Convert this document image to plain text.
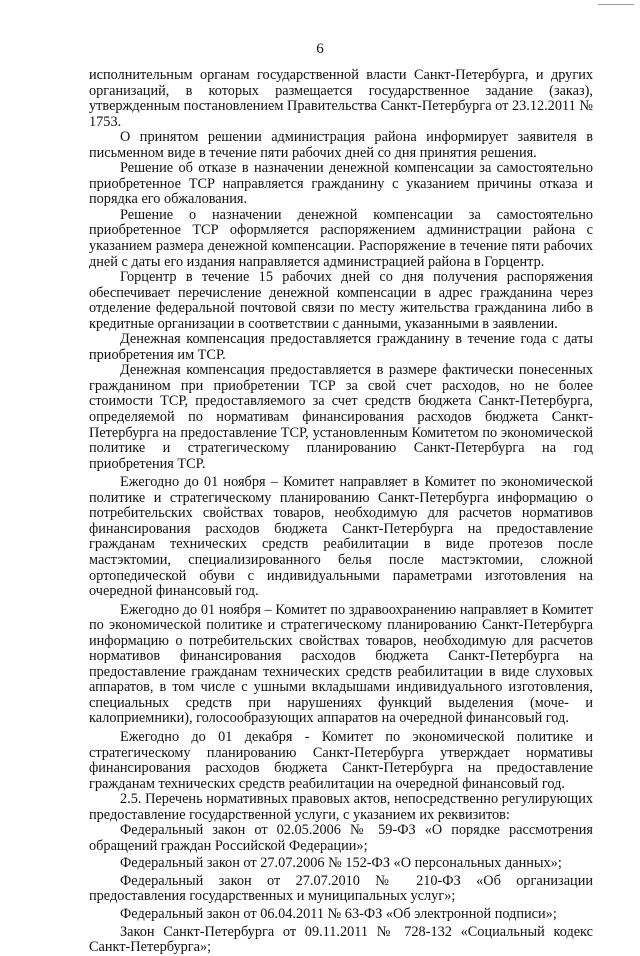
6

исполнительным органам государственной власти Санкт-Петербурга, и других организаций, в которых размещается государственное задание (заказ), утвержденным постановлением Правительства Санкт-Петербурга от 23.12.2011 № 1753.

О принятом решении администрация района информирует заявителя в письменном виде в течение пяти рабочих дней со дня принятия решения.

Решение об отказе в назначении денежной компенсации за самостоятельно приобретенное ТСР направляется гражданину с указанием причины отказа и порядка его обжалования.

Решение о назначении денежной компенсации за самостоятельно приобретенное ТСР оформляется распоряжением администрации района с указанием размера денежной компенсации. Распоряжение в течение пяти рабочих дней с даты его издания направляется администрацией района в Горцентр.

Горцентр в течение 15 рабочих дней со дня получения распоряжения обеспечивает перечисление денежной компенсации в адрес гражданина через отделение федеральной почтовой связи по месту жительства гражданина либо в кредитные организации в соответствии с данными, указанными в заявлении.

Денежная компенсация предоставляется гражданину в течение года с даты приобретения им ТСР.

Денежная компенсация предоставляется в размере фактически понесенных гражданином при приобретении ТСР за свой счет расходов, но не более стоимости ТСР, предоставляемого за счет средств бюджета Санкт-Петербурга, определяемой по нормативам финансирования расходов бюджета Санкт-Петербурга на предоставление ТСР, установленным Комитетом по экономической политике и стратегическому планированию Санкт-Петербурга на год приобретения ТСР.

Ежегодно до 01 ноября – Комитет направляет в Комитет по экономической политике и стратегическому планированию Санкт-Петербурга информацию о потребительских свойствах товаров, необходимую для расчетов нормативов финансирования расходов бюджета Санкт-Петербурга на предоставление гражданам технических средств реабилитации в виде протезов после мастэктомии, специализированного белья после мастэктомии, сложной ортопедической обуви с индивидуальными параметрами изготовления на очередной финансовый год.

Ежегодно до 01 ноября – Комитет по здравоохранению направляет в Комитет по экономической политике и стратегическому планированию Санкт-Петербурга информацию о потребительских свойствах товаров, необходимую для расчетов нормативов финансирования расходов бюджета Санкт-Петербурга на предоставление гражданам технических средств реабилитации в виде слуховых аппаратов, в том числе с ушными вкладышами индивидуального изготовления, специальных средств при нарушениях функций выделения (моче- и калоприемники), голосообразующих аппаратов на очередной финансовый год.

Ежегодно до 01 декабря - Комитет по экономической политике и стратегическому планированию Санкт-Петербурга утверждает нормативы финансирования расходов бюджета Санкт-Петербурга на предоставление гражданам технических средств реабилитации на очередной финансовый год.

2.5. Перечень нормативных правовых актов, непосредственно регулирующих предоставление государственной услуги, с указанием их реквизитов:

Федеральный закон от 02.05.2006 № 59-ФЗ «О порядке рассмотрения обращений граждан Российской Федерации»;

Федеральный закон от 27.07.2006 № 152-ФЗ «О персональных данных»;

Федеральный закон от 27.07.2010 № 210-ФЗ «Об организации предоставления государственных и муниципальных услуг»;

Федеральный закон от 06.04.2011 № 63-ФЗ «Об электронной подписи»;

Закон Санкт-Петербурга от 09.11.2011 № 728-132 «Социальный кодекс Санкт-Петербурга»;
